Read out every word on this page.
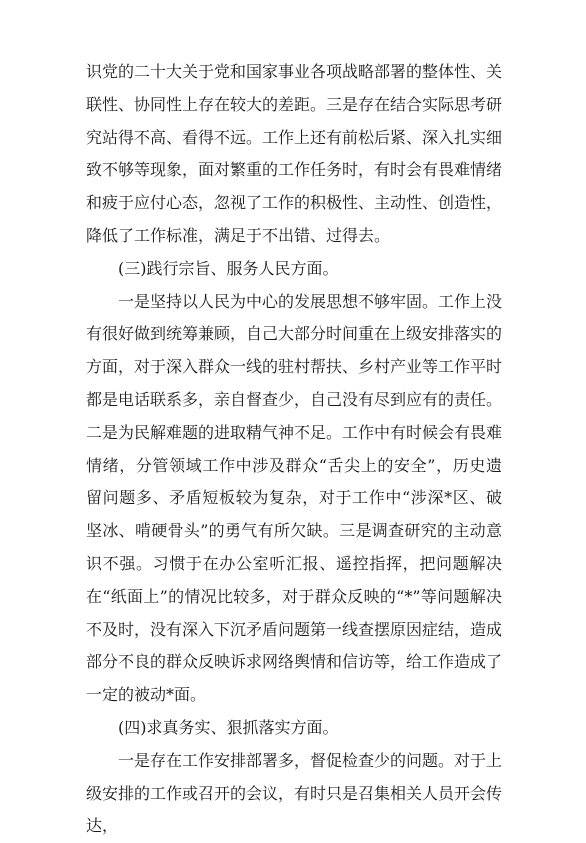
识党的二十大关于党和国家事业各项战略部署的整体性、关联性、协同性上存在较大的差距。三是存在结合实际思考研究站得不高、看得不远。工作上还有前松后紧、深入扎实细致不够等现象，面对繁重的工作任务时，有时会有畏难情绪和疲于应付心态，忽视了工作的积极性、主动性、创造性，降低了工作标准，满足于不出错、过得去。

(三)践行宗旨、服务人民方面。

一是坚持以人民为中心的发展思想不够牢固。工作上没有很好做到统筹兼顾，自己大部分时间重在上级安排落实的方面，对于深入群众一线的驻村帮扶、乡村产业等工作平时都是电话联系多，亲自督查少，自己没有尽到应有的责任。二是为民解难题的进取精气神不足。工作中有时候会有畏难情绪，分管领域工作中涉及群众“舌尖上的安全”，历史遗留问题多、矛盾短板较为复杂，对于工作中“涉深*区、破坚冰、啃硬骨头”的勇气有所欠缺。三是调查研究的主动意识不强。习惯于在办公室听汇报、遥控指挥，把问题解决在“纸面上”的情况比较多，对于群众反映的“*”等问题解决不及时，没有深入下沉矛盾问题第一线查摆原因症结，造成部分不良的群众反映诉求网络舆情和信访等，给工作造成了一定的被动*面。

(四)求真务实、狠抓落实方面。

一是存在工作安排部署多，督促检查少的问题。对于上级安排的工作或召开的会议，有时只是召集相关人员开会传达，
